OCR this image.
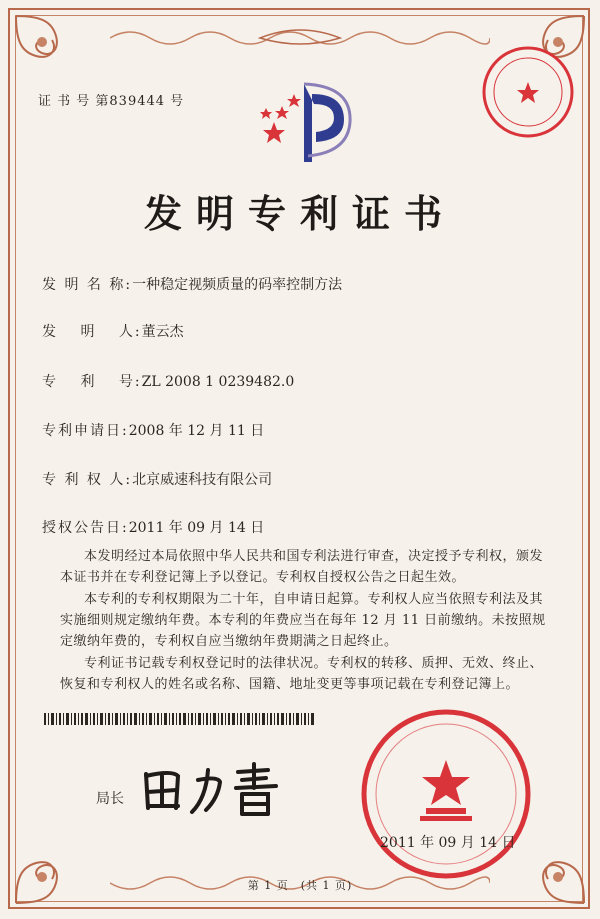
证 书 号 第839444 号
发明专利证书
发 明 名 称:一种稳定视频质量的码率控制方法
发　 明　 人:董云杰
专　 利　 号:ZL 2008 1 0239482.0
专利申请日:2008 年 12 月 11 日
专 利 权 人:北京威速科技有限公司
授权公告日:2011 年 09 月 14 日
本发明经过本局依照中华人民共和国专利法进行审查，决定授予专利权，颁发本证书并在专利登记簿上予以登记。专利权自授权公告之日起生效。
本专利的专利权期限为二十年，自申请日起算。专利权人应当依照专利法及其实施细则规定缴纳年费。本专利的年费应当在每年 12 月 11 日前缴纳。未按照规定缴纳年费的，专利权自应当缴纳年费期满之日起终止。
专利证书记载专利权登记时的法律状况。专利权的转移、质押、无效、终止、恢复和专利权人的姓名或名称、国籍、地址变更等事项记载在专利登记簿上。
局长
2011 年 09 月 14 日
第 1 页　(共 1 页)
